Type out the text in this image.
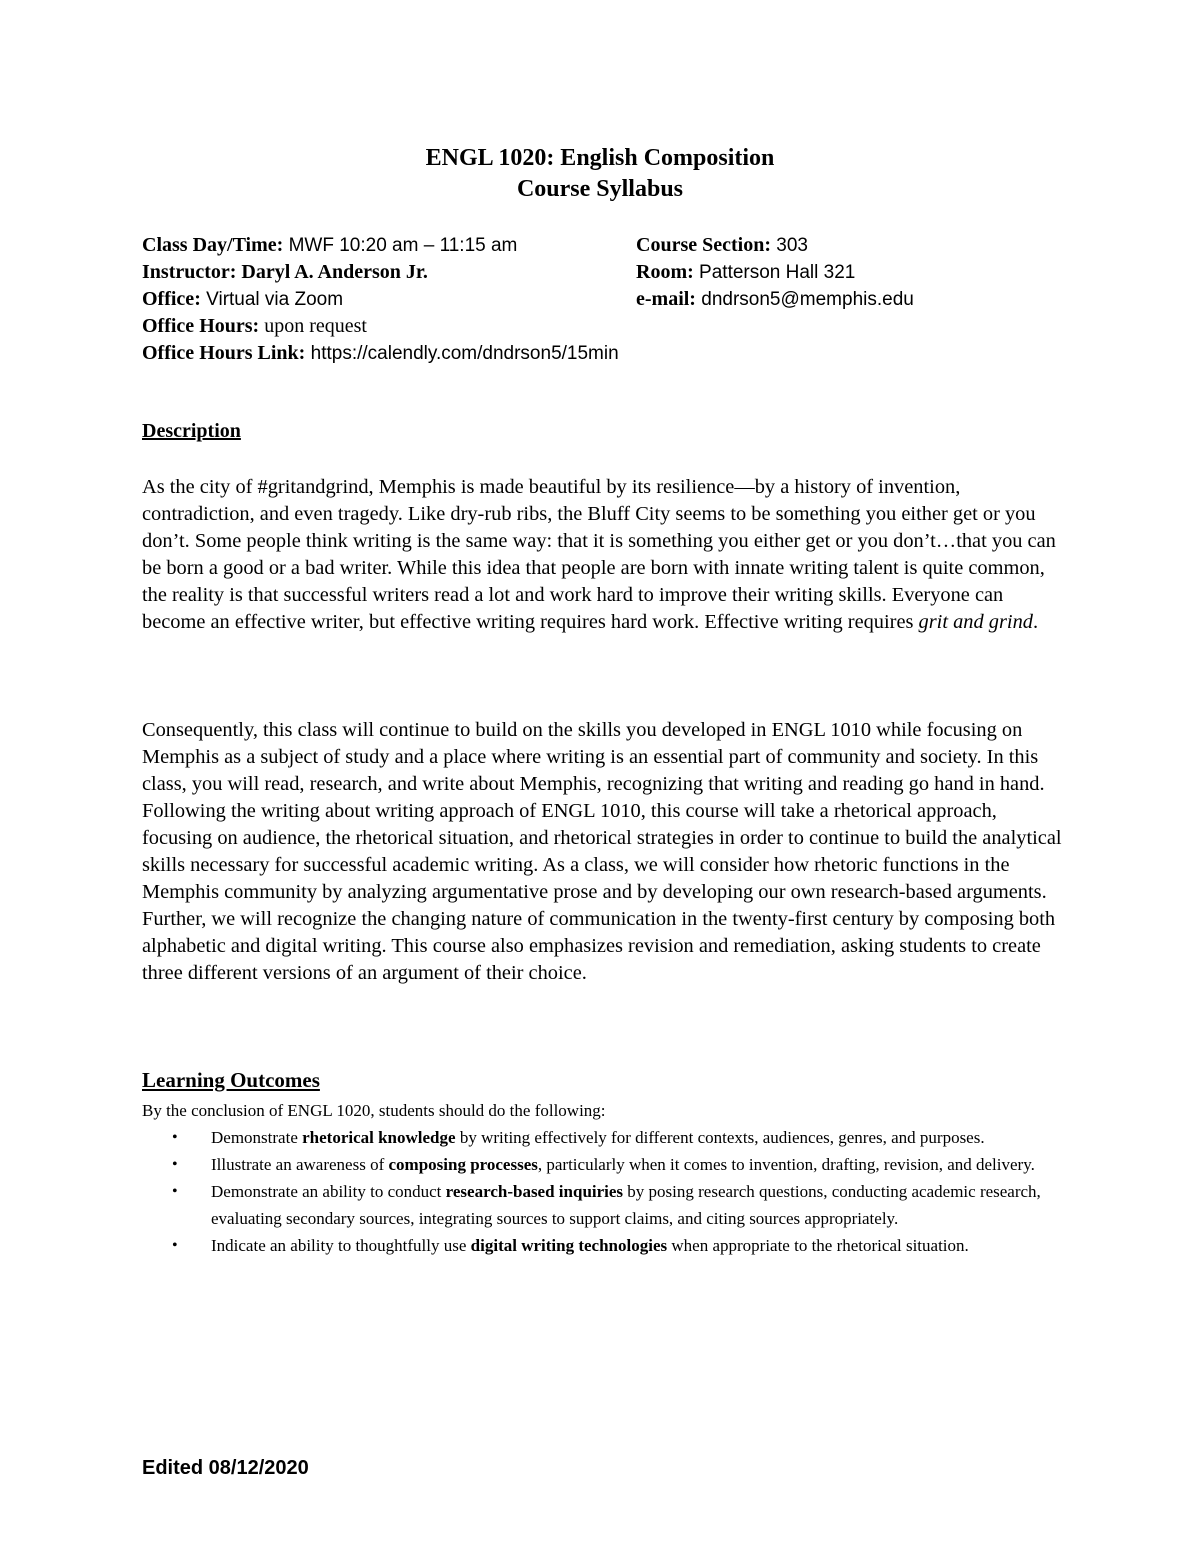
ENGL 1020: English Composition
Course Syllabus
Class Day/Time: MWF 10:20 am – 11:15 am
Instructor: Daryl A. Anderson Jr.
Office: Virtual via Zoom
Office Hours: upon request
Office Hours Link: https://calendly.com/dndrson5/15min
Course Section: 303
Room: Patterson Hall 321
e-mail: dndrson5@memphis.edu
Description
As the city of #gritandgrind, Memphis is made beautiful by its resilience—by a history of invention, contradiction, and even tragedy. Like dry-rub ribs, the Bluff City seems to be something you either get or you don’t. Some people think writing is the same way: that it is something you either get or you don’t…that you can be born a good or a bad writer. While this idea that people are born with innate writing talent is quite common, the reality is that successful writers read a lot and work hard to improve their writing skills. Everyone can become an effective writer, but effective writing requires hard work. Effective writing requires grit and grind.
Consequently, this class will continue to build on the skills you developed in ENGL 1010 while focusing on Memphis as a subject of study and a place where writing is an essential part of community and society. In this class, you will read, research, and write about Memphis, recognizing that writing and reading go hand in hand. Following the writing about writing approach of ENGL 1010, this course will take a rhetorical approach, focusing on audience, the rhetorical situation, and rhetorical strategies in order to continue to build the analytical skills necessary for successful academic writing. As a class, we will consider how rhetoric functions in the Memphis community by analyzing argumentative prose and by developing our own research-based arguments. Further, we will recognize the changing nature of communication in the twenty-first century by composing both alphabetic and digital writing. This course also emphasizes revision and remediation, asking students to create three different versions of an argument of their choice.
Learning Outcomes
By the conclusion of ENGL 1020, students should do the following:
• Demonstrate rhetorical knowledge by writing effectively for different contexts, audiences, genres, and purposes.
• Illustrate an awareness of composing processes, particularly when it comes to invention, drafting, revision, and delivery.
• Demonstrate an ability to conduct research-based inquiries by posing research questions, conducting academic research, evaluating secondary sources, integrating sources to support claims, and citing sources appropriately.
• Indicate an ability to thoughtfully use digital writing technologies when appropriate to the rhetorical situation.
Edited 08/12/2020
